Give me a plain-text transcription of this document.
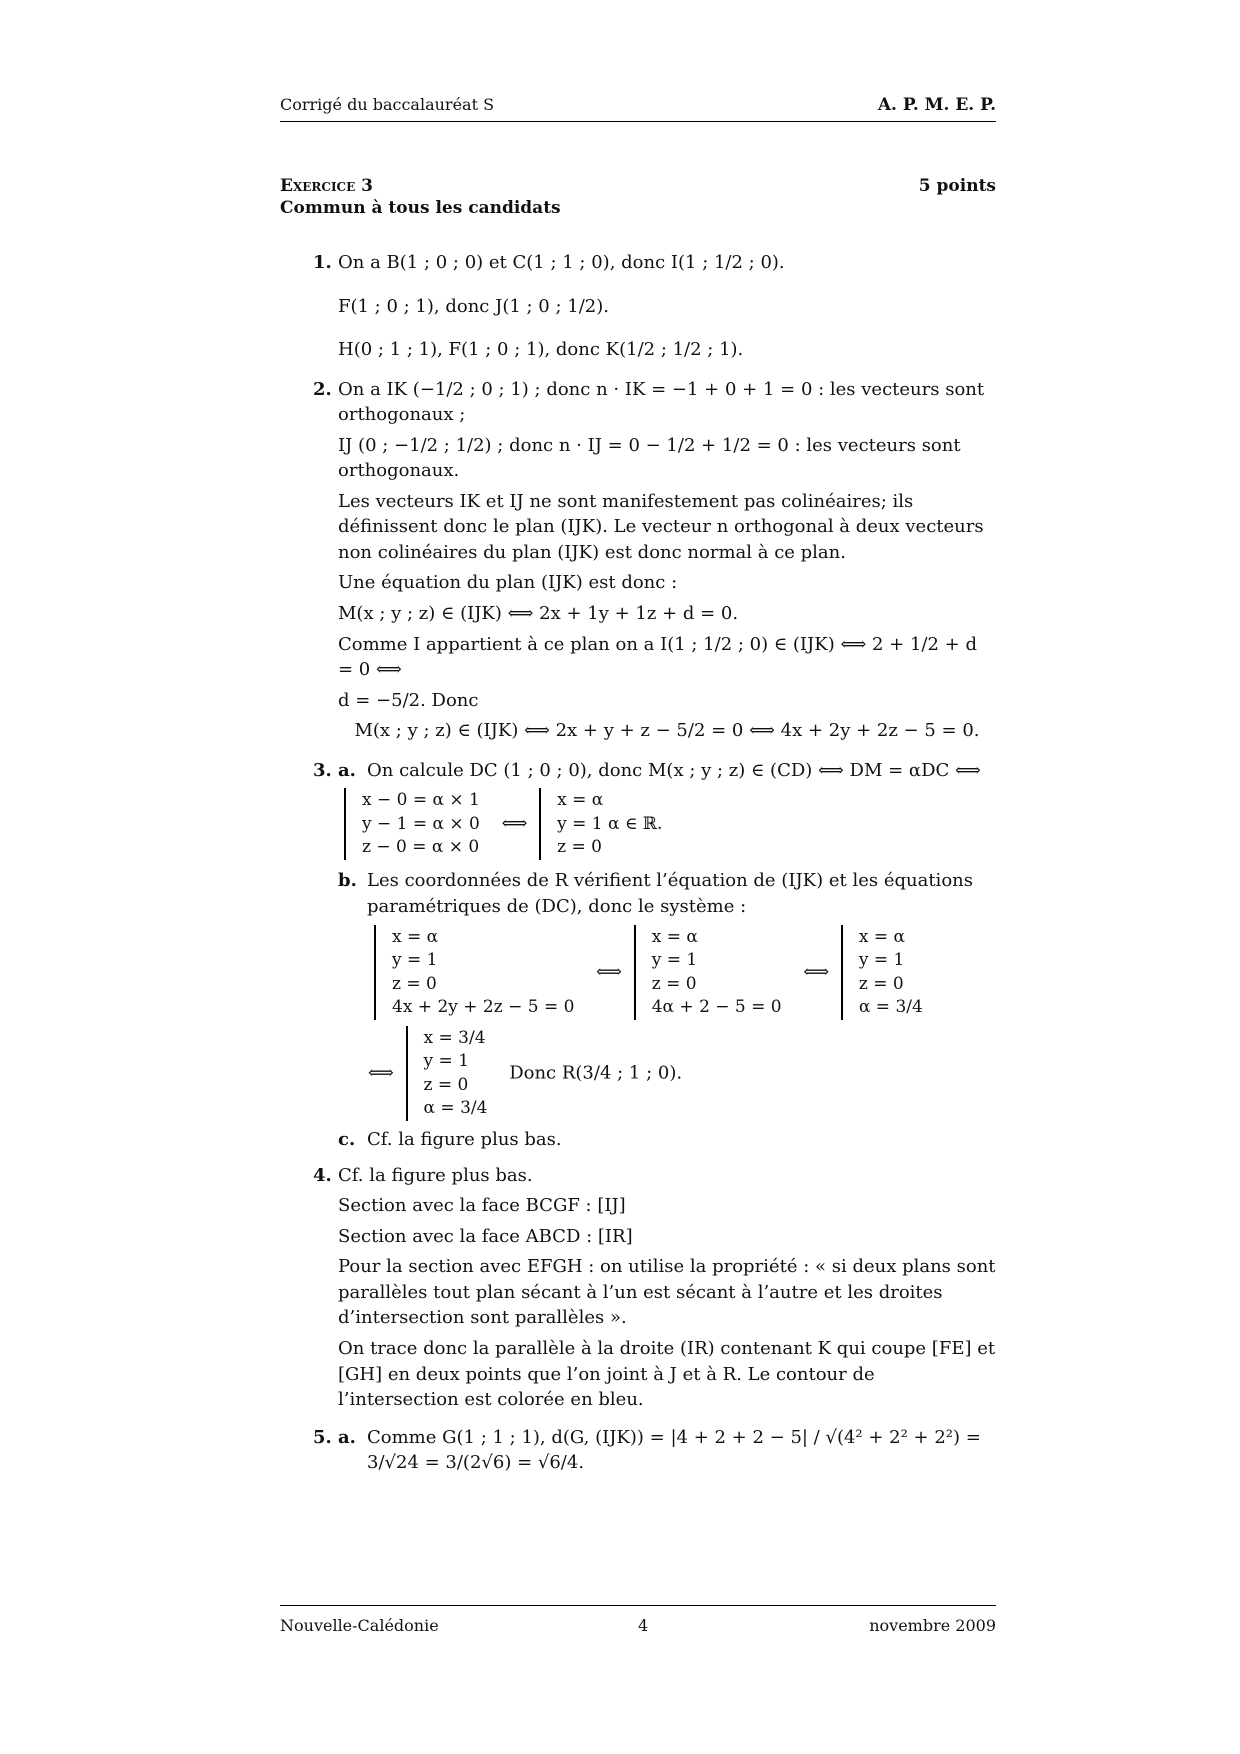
Corrigé du baccalauréat S	A. P. M. E. P.
Exercice 3	5 points
Commun à tous les candidats
1. On a B(1 ; 0 ; 0) et C(1 ; 1 ; 0), donc I(1 ; 1/2 ; 0).
F(1 ; 0 ; 1), donc J(1 ; 0 ; 1/2).
H(0 ; 1 ; 1), F(1 ; 0 ; 1), donc K(1/2 ; 1/2 ; 1).
2. On a IK (−1/2 ; 0 ; 1) ; donc n · IK = −1 + 0 + 1 = 0 : les vecteurs sont orthogonaux ;
IJ (0 ; −1/2 ; 1/2) ; donc n · IJ = 0 − 1/2 + 1/2 = 0 : les vecteurs sont orthogonaux.
Les vecteurs IK et IJ ne sont manifestement pas colinéaires; ils définissent donc le plan (IJK). Le vecteur n orthogonal à deux vecteurs non colinéaires du plan (IJK) est donc normal à ce plan.
Une équation du plan (IJK) est donc :
M(x ; y ; z) ∈ (IJK) ⟺ 2x + 1y + 1z + d = 0.
Comme I appartient à ce plan on a I(1 ; 1/2 ; 0) ∈ (IJK) ⟺ 2 + 1/2 + d = 0 ⟺
d = −5/2. Donc
M(x ; y ; z) ∈ (IJK) ⟺ 2x + y + z − 5/2 = 0 ⟺ 4x + 2y + 2z − 5 = 0.
3. a. On calcule DC (1 ; 0 ; 0), donc M(x ; y ; z) ∈ (CD) ⟺ DM = αDC ⟺
x − 0 = α × 1
y − 1 = α × 0
z − 0 = α × 0 ⟺ x = α
y = 1 α ∈ ℝ.
z = 0
b. Les coordonnées de R vérifient l’équation de (IJK) et les équations paramétriques de (DC), donc le système :
x = α
y = 1
z = 0
4x + 2y + 2z − 5 = 0 ⟺ x = α
y = 1
z = 0
4α + 2 − 5 = 0 ⟺ x = α
y = 1
z = 0
α = 3/4
⟺ x = 3/4
y = 1
z = 0
α = 3/4 Donc R(3/4 ; 1 ; 0).
c. Cf. la figure plus bas.
4. Cf. la figure plus bas.
Section avec la face BCGF : [IJ]
Section avec la face ABCD : [IR]
Pour la section avec EFGH : on utilise la propriété : « si deux plans sont parallèles tout plan sécant à l’un est sécant à l’autre et les droites d’intersection sont parallèles ».
On trace donc la parallèle à la droite (IR) contenant K qui coupe [FE] et [GH] en deux points que l’on joint à J et à R. Le contour de l’intersection est colorée en bleu.
5. a. Comme G(1 ; 1 ; 1), d(G, (IJK)) = |4 + 2 + 2 − 5| / √(4² + 2² + 2²) = 3/√24 = 3/(2√6) = √6/4.
Nouvelle-Calédonie	4	novembre 2009
